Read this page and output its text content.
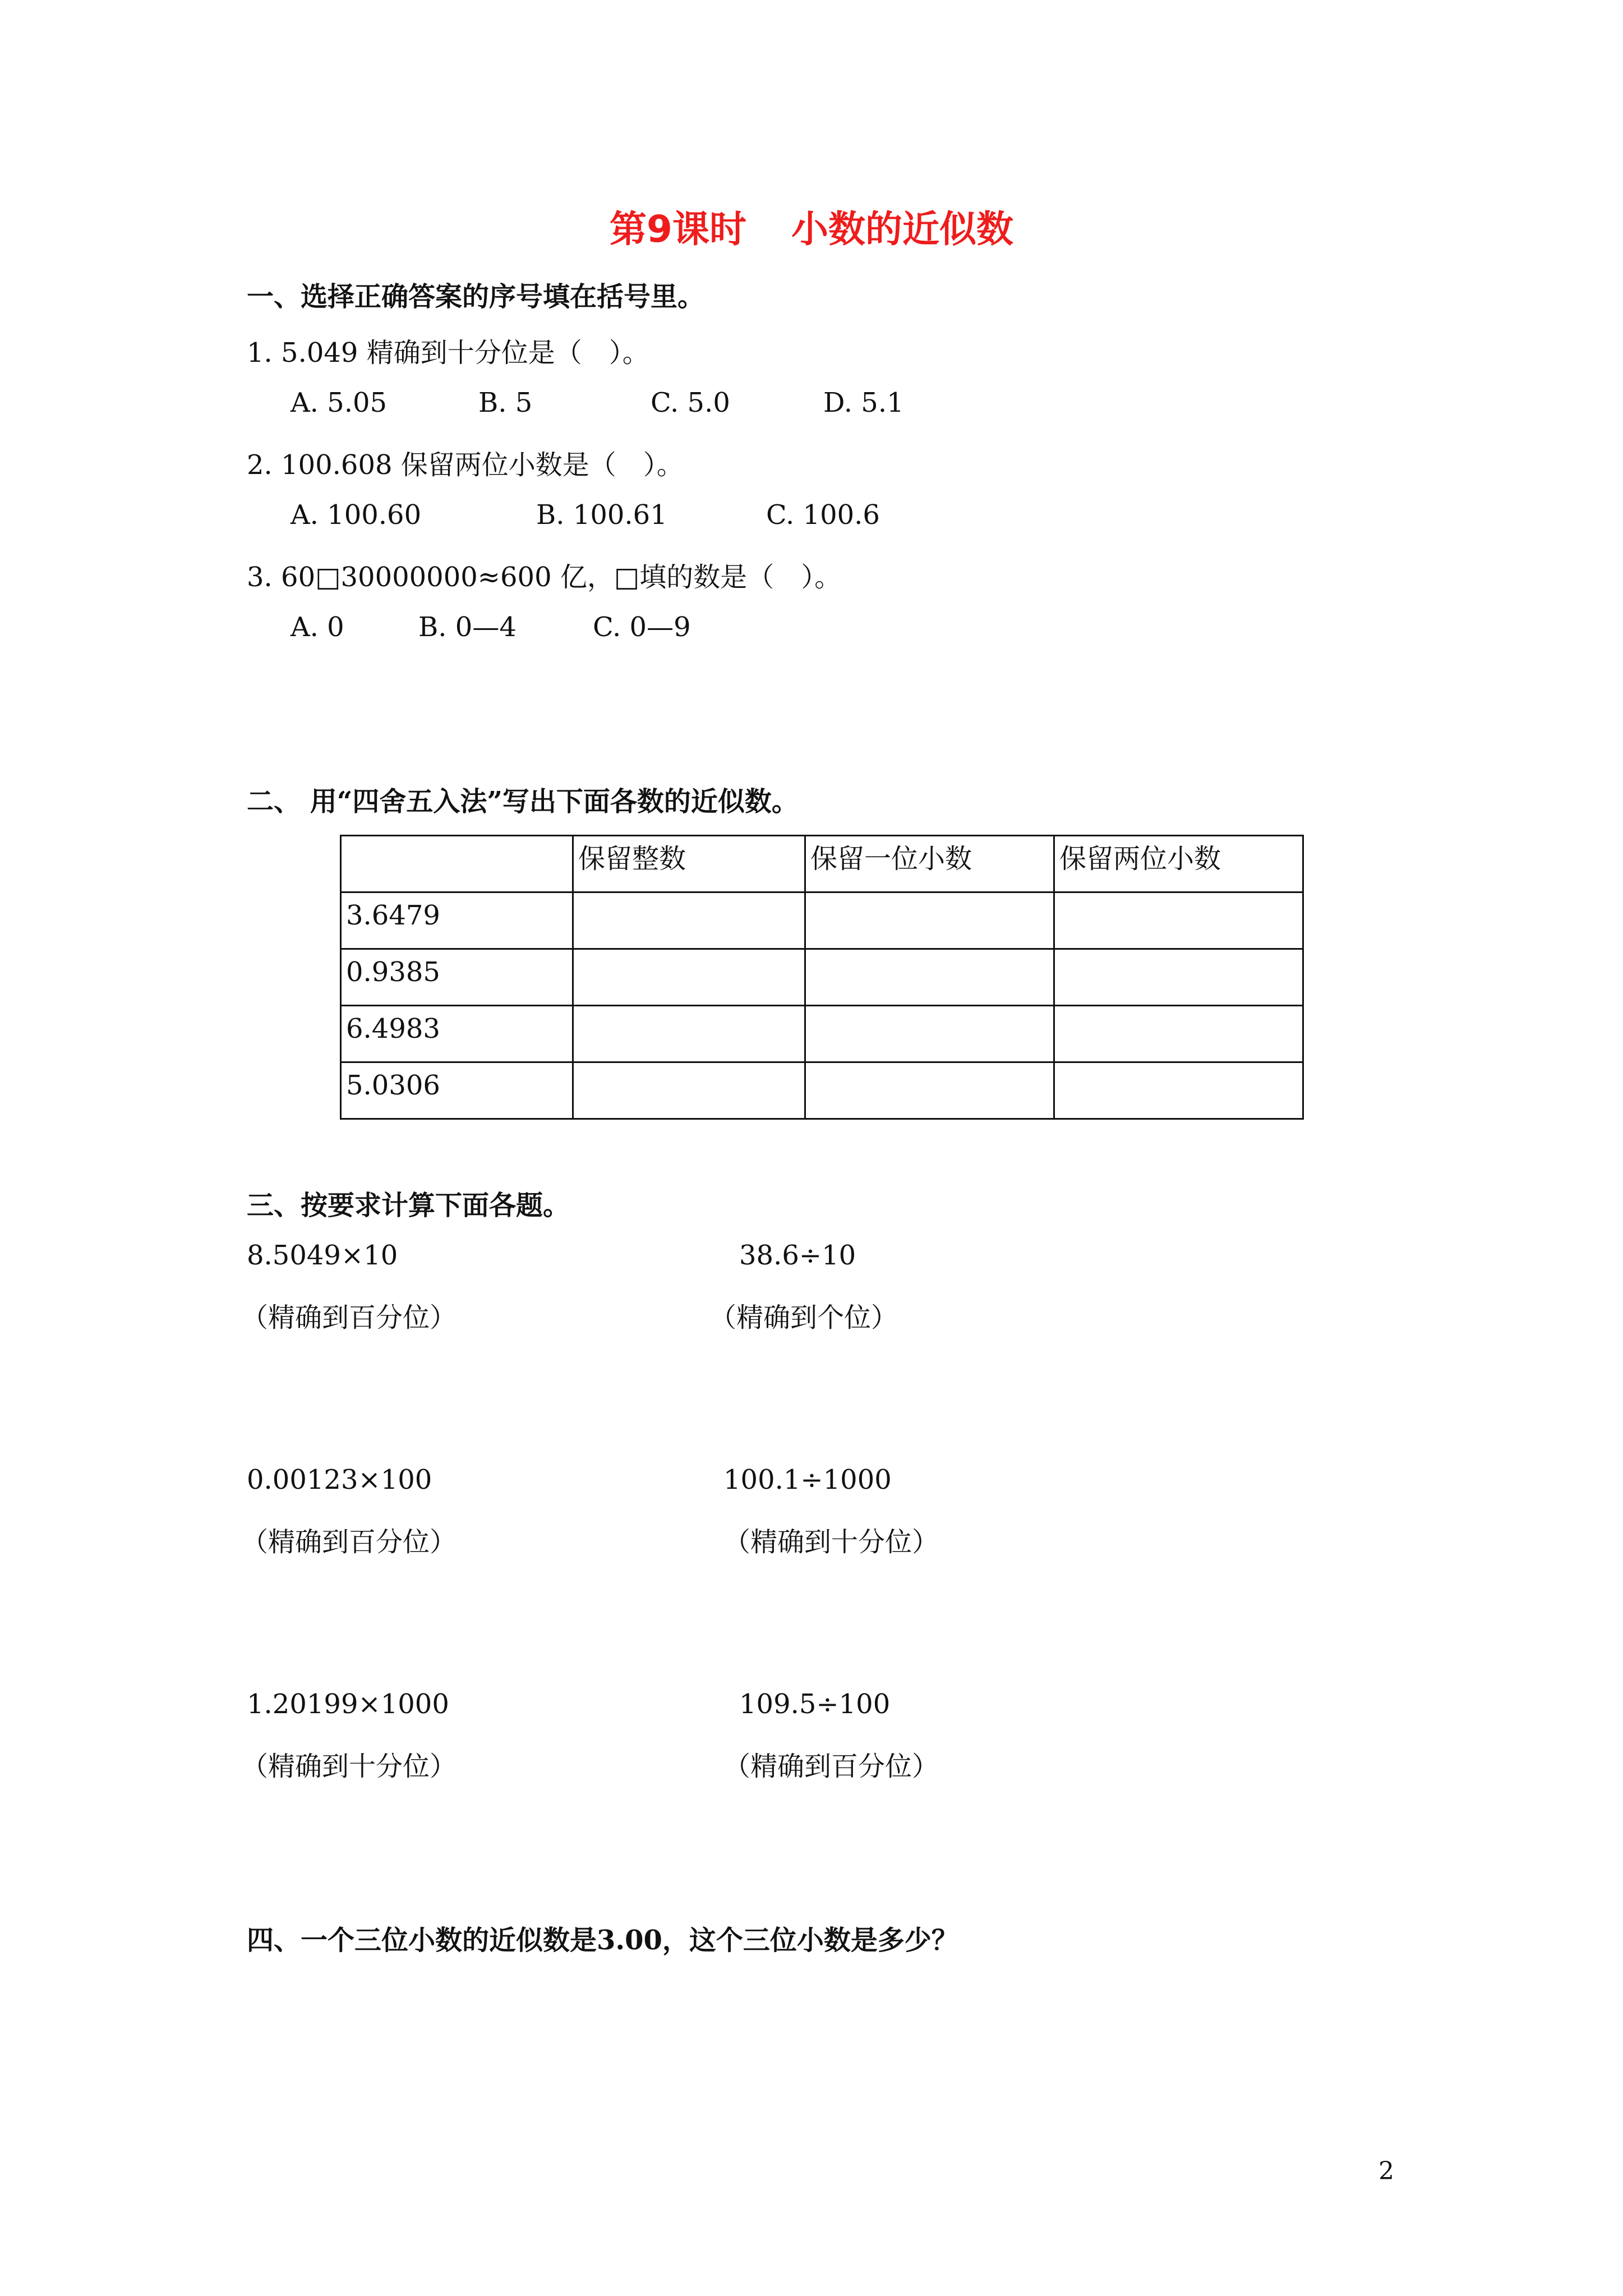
第9课时 小数的近似数
一、选择正确答案的序号填在括号里。
1. 5.049 精确到十分位是（　）。
A. 5.05	B. 5	C. 5.0	D. 5.1
2. 100.608 保留两位小数是（　）。
A. 100.60	B. 100.61	C. 100.6
3. 60□30000000≈600 亿，□填的数是（　）。
A. 0	B. 0—4	C. 0—9
二、 用“四舍五入法”写出下面各数的近似数。
	保留整数	保留一位小数	保留两位小数
3.6479			
0.9385			
6.4983			
5.0306			
三、按要求计算下面各题。
8.5049×10
（精确到百分位）
38.6÷10
（精确到个位）
0.00123×100
（精确到百分位）
100.1÷1000
（精确到十分位）
1.20199×1000
（精确到十分位）
109.5÷100
（精确到百分位）
四、一个三位小数的近似数是3.00，这个三位小数是多少？
2
